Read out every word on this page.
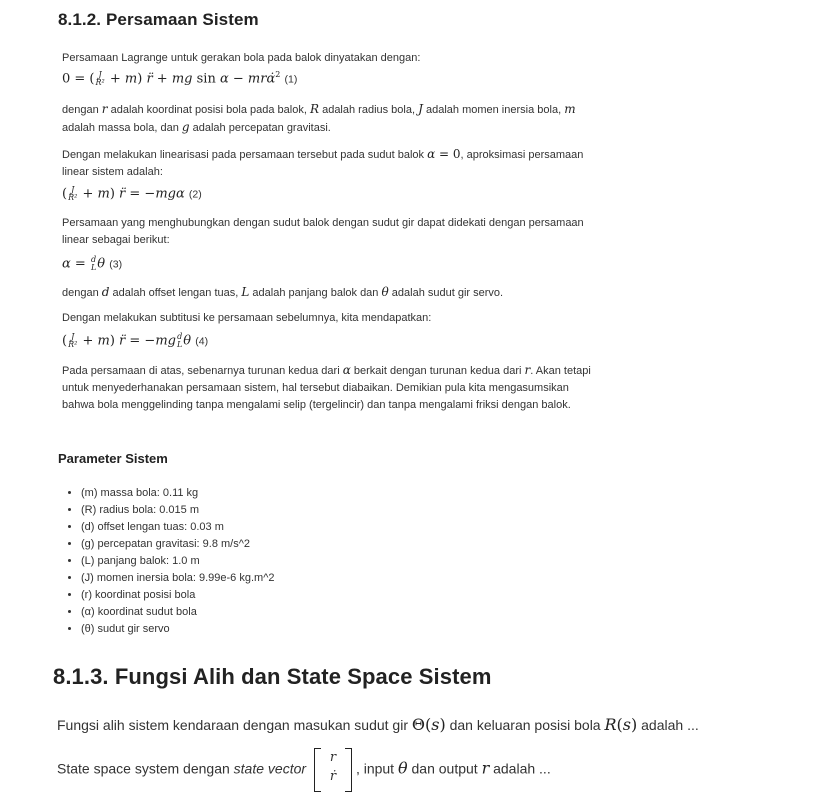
8.1.2. Persamaan Sistem
Persamaan Lagrange untuk gerakan bola pada balok dinyatakan dengan:
0 = ( J
R² + m) r̈ + mg sin α − mrα̇$^2$ (1)
dengan r adalah koordinat posisi bola pada balok, R adalah radius bola, J adalah momen inersia bola, m adalah massa bola, dan g adalah percepatan gravitasi.
Dengan melakukan linearisasi pada persamaan tersebut pada sudut balok α = 0, aproksimasi persamaan linear sistem adalah:
( J
R² + m) r̈ = −mgα (2)
Persamaan yang menghubungkan dengan sudut balok dengan sudut gir dapat didekati dengan persamaan linear sebagai berikut:
α = d
L θ (3)
dengan d adalah offset lengan tuas, L adalah panjang balok dan θ adalah sudut gir servo.
Dengan melakukan subtitusi ke persamaan sebelumnya, kita mendapatkan:
( J
R² + m) r̈ = −mg d
L θ (4)
Pada persamaan di atas, sebenarnya turunan kedua dari α berkait dengan turunan kedua dari r. Akan tetapi untuk menyederhanakan persamaan sistem, hal tersebut diabaikan. Demikian pula kita mengasumsikan bahwa bola menggelinding tanpa mengalami selip (tergelincir) dan tanpa mengalami friksi dengan balok.
Parameter Sistem
• (m) massa bola: 0.11 kg
• (R) radius bola: 0.015 m
• (d) offset lengan tuas: 0.03 m
• (g) percepatan gravitasi: 9.8 m/s^2
• (L) panjang balok: 1.0 m
• (J) momen inersia bola: 9.99e-6 kg.m^2
• (r) koordinat posisi bola
• (α) koordinat sudut bola
• (θ) sudut gir servo
8.1.3. Fungsi Alih dan State Space Sistem
Fungsi alih sistem kendaraan dengan masukan sudut gir Θ(s) dan keluaran posisi bola R(s) adalah ...
State space system dengan state vector
r
ṙ	, input θ dan output r adalah ...
